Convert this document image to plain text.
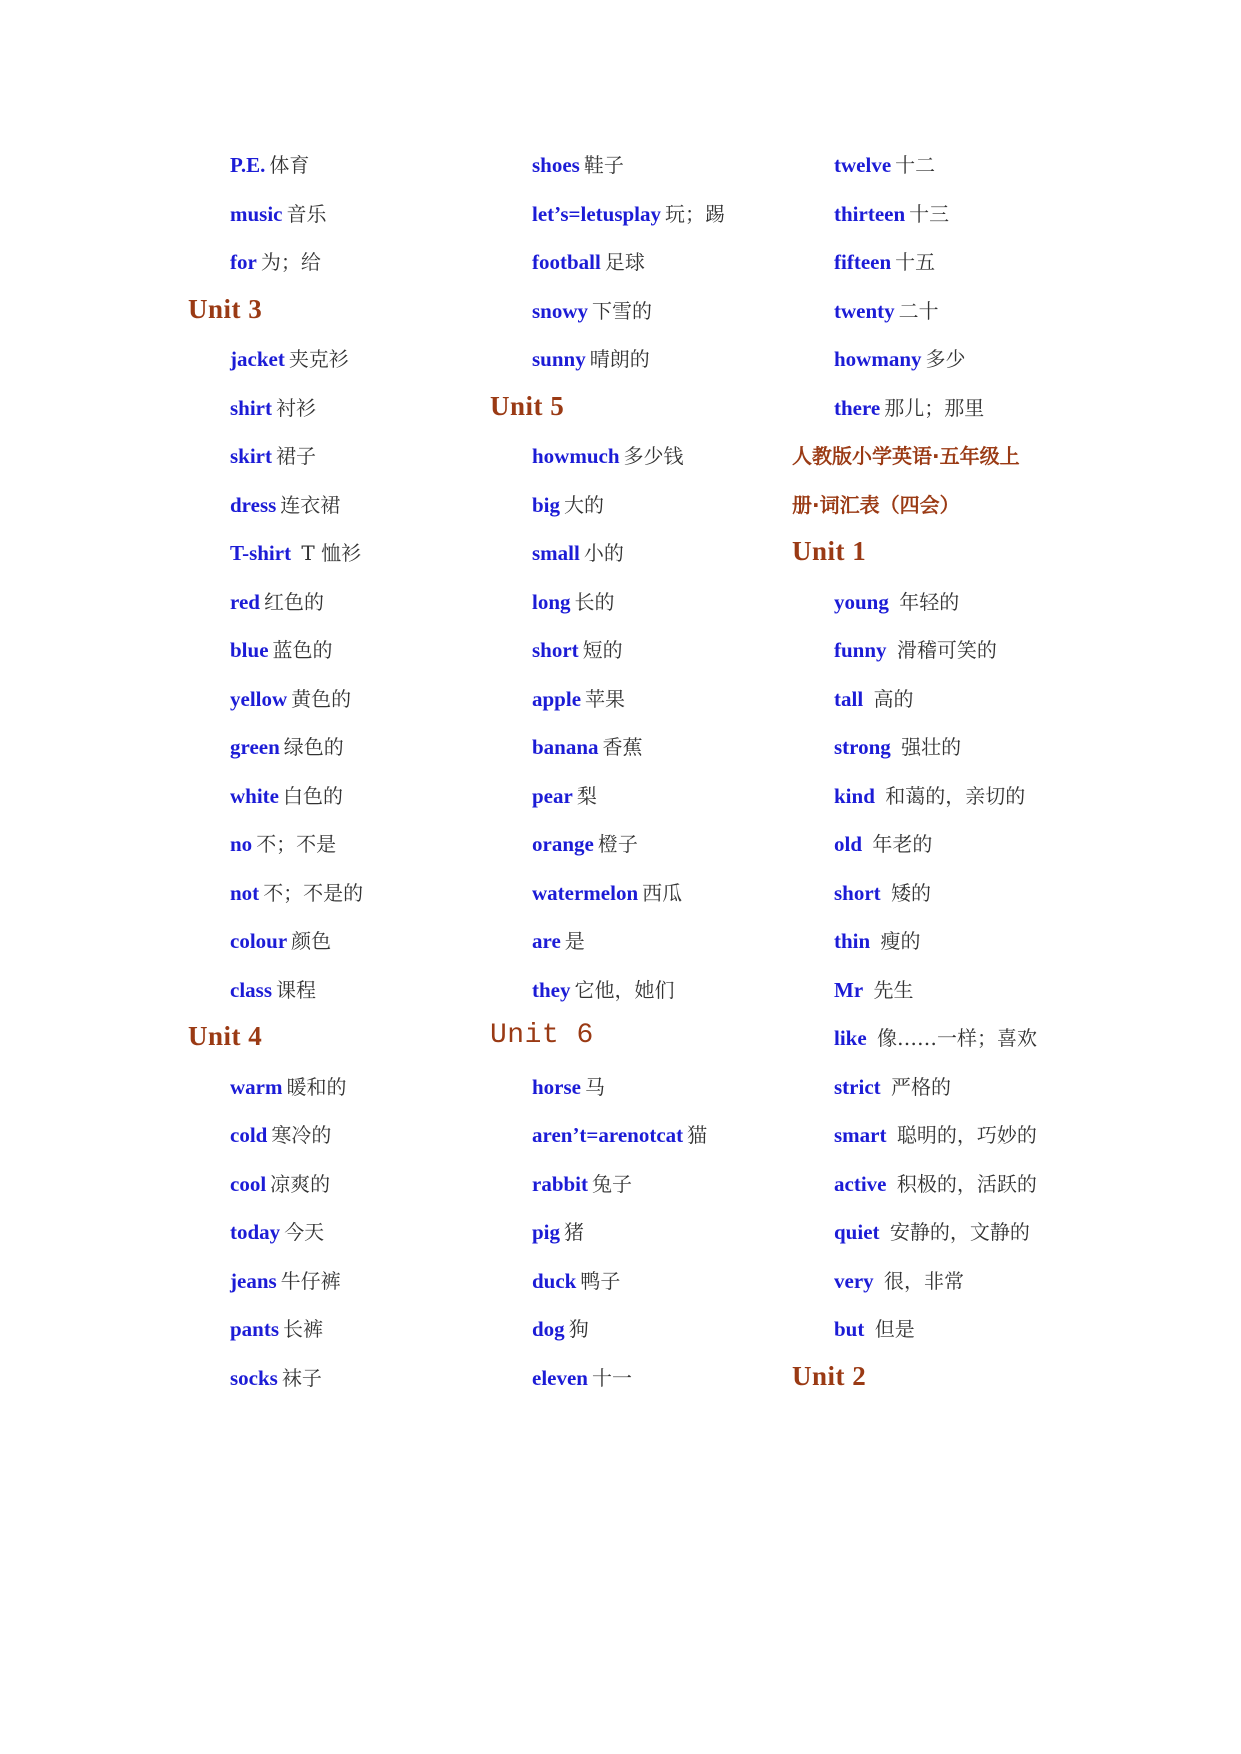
P.E. 体育
music 音乐
for 为；给
Unit 3
jacket 夹克衫
shirt 衬衫
skirt 裙子
dress 连衣裙
T-shirt T 恤衫
red 红色的
blue 蓝色的
yellow 黄色的
green 绿色的
white 白色的
no 不；不是
not 不；不是的
colour 颜色
class 课程
Unit 4
warm 暖和的
cold 寒冷的
cool 凉爽的
today 今天
jeans 牛仔裤
pants 长裤
socks 袜子
shoes 鞋子
let’s=letusplay 玩；踢
football 足球
snowy 下雪的
sunny 晴朗的
Unit 5
howmuch 多少钱
big 大的
small 小的
long 长的
short 短的
apple 苹果
banana 香蕉
pear 梨
orange 橙子
watermelon 西瓜
are 是
they 它他，她们
Unit 6
horse 马
aren’t=arenotcat 猫
rabbit 兔子
pig 猪
duck 鸭子
dog 狗
eleven 十一
twelve 十二
thirteen 十三
fifteen 十五
twenty 二十
howmany 多少
there 那儿；那里
人教版小学英语·五年级上
册·词汇表（四会）
Unit 1
young 年轻的
funny 滑稽可笑的
tall 高的
strong 强壮的
kind 和蔼的，亲切的
old 年老的
short 矮的
thin 瘦的
Mr 先生
like 像……一样；喜欢
strict 严格的
smart 聪明的，巧妙的
active 积极的，活跃的
quiet 安静的，文静的
very 很，非常
but 但是
Unit 2
